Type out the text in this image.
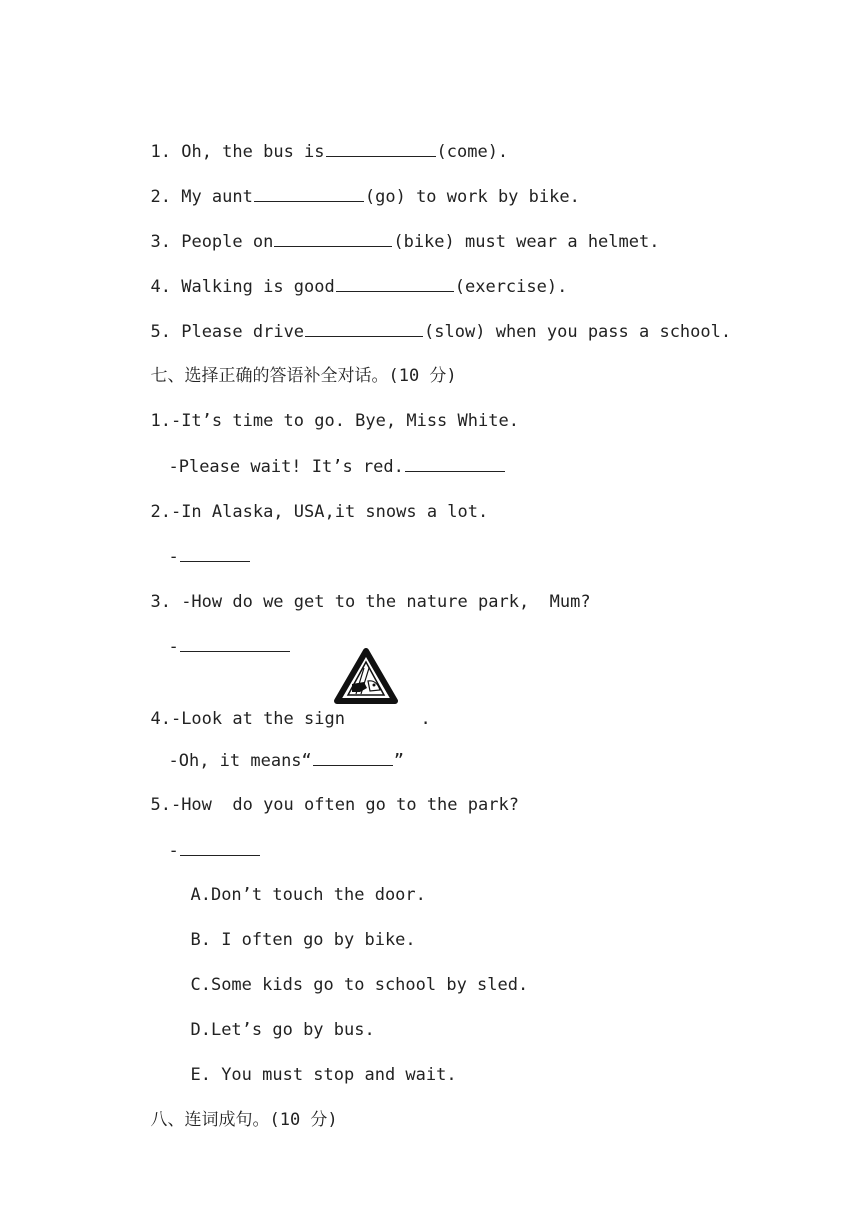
1. Oh, the bus is	(come).

2. My aunt	(go) to work by bike.

3. People on	(bike) must wear a helmet.

4. Walking is good	(exercise).

5. Please drive	(slow) when you pass a school.

七、选择正确的答语补全对话。(10 分)

1.-It’s time to go. Bye, Miss White.

-Please wait! It’s red.

2.-In Alaska, USA,it snows a lot.

-

3. -How do we get to the nature park,  Mum?

-

4.-Look at the sign	.

-Oh, it means“	”

5.-How  do you often go to the park?

-

A.Don’t touch the door.

B. I often go by bike.

C.Some kids go to school by sled.

D.Let’s go by bus.

E. You must stop and wait.

八、连词成句。(10 分)
